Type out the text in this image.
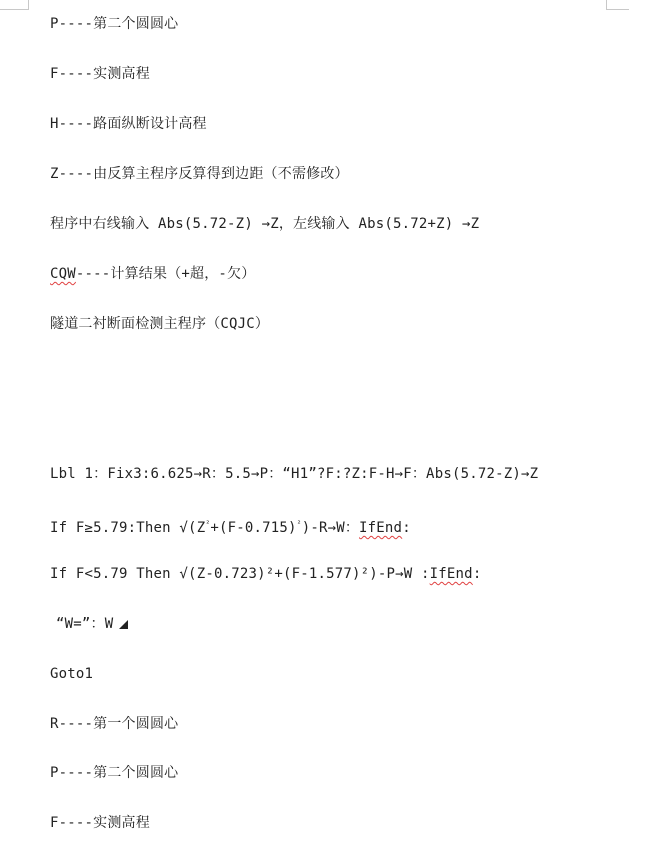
P----第二个圆圆心
F----实测高程
H----路面纵断设计高程
Z----由反算主程序反算得到边距（不需修改）
程序中右线输入 Abs(5.72-Z) →Z，左线输入 Abs(5.72+Z) →Z
CQW----计算结果（+超，-欠）
隧道二衬断面检测主程序（CQJC）
Lbl 1：Fix3:6.625→R：5.5→P：“H1”?F:?Z:F-H→F：Abs(5.72-Z)→Z
If F≥5.79:Then $√(Z^{^2}+(F-0.715)^{^2})-R\to W$：IfEnd:
If F<5.79 Then √(Z-0.723)²+(F-1.577)²)-P→W :IfEnd:
“W=”：W
Goto1
R----第一个圆圆心
P----第二个圆圆心
F----实测高程
